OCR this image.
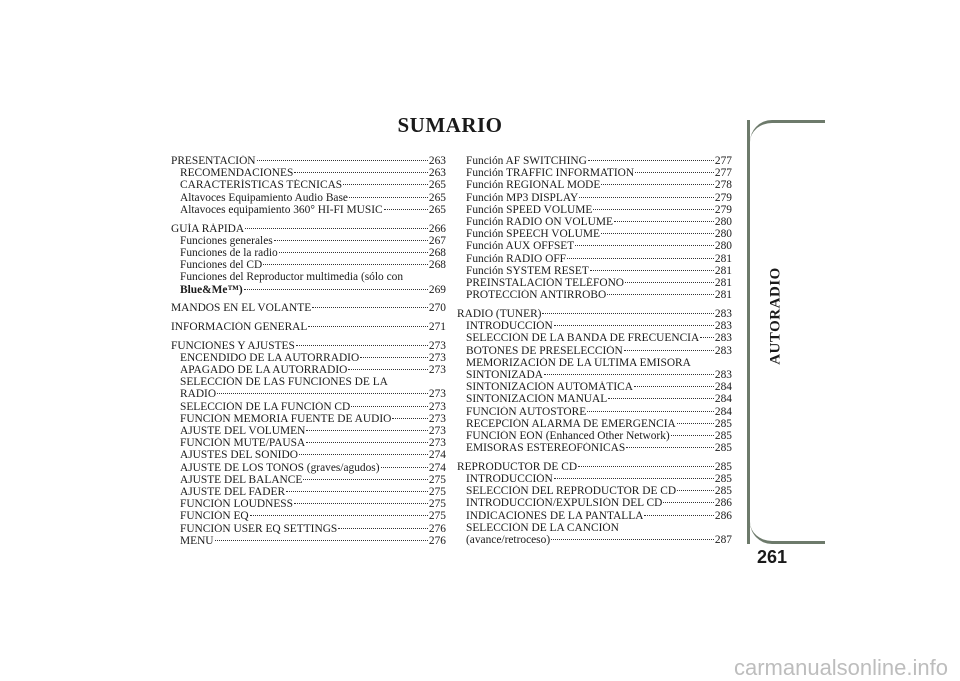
SUMARIO
PRESENTACIÓN	263
RECOMENDACIONES	263
CARACTERÍSTICAS TÉCNICAS	265
Altavoces Equipamiento Audio Base	265
Altavoces equipamiento 360° HI-FI MUSIC	265
GUÍA RÁPIDA	266
Funciones generales	267
Funciones de la radio	268
Funciones del CD	268
Funciones del Reproductor multimedia (sólo con
Blue&Me™)	269
MANDOS EN EL VOLANTE	270
INFORMACIÓN GENERAL	271
FUNCIONES Y AJUSTES	273
ENCENDIDO DE LA AUTORRADIO	273
APAGADO DE LA AUTORRADIO	273
SELECCIÓN DE LAS FUNCIONES DE LA
RADIO	273
SELECCIÓN DE LA FUNCIÓN CD	273
FUNCIÓN MEMORIA FUENTE DE AUDIO	273
AJUSTE DEL VOLUMEN	273
FUNCIÓN MUTE/PAUSA	273
AJUSTES DEL SONIDO	274
AJUSTE DE LOS TONOS (graves/agudos)	274
AJUSTE DEL BALANCE	275
AJUSTE DEL FADER	275
FUNCIÓN LOUDNESS	275
FUNCIÓN EQ	275
FUNCIÓN USER EQ SETTINGS	276
MENU	276
Función AF SWITCHING	277
Función TRAFFIC INFORMATION	277
Función REGIONAL MODE	278
Función MP3 DISPLAY	279
Función SPEED VOLUME	279
Función RADIO ON VOLUME	280
Función SPEECH VOLUME	280
Función AUX OFFSET	280
Función RADIO OFF	281
Función SYSTEM RESET	281
PREINSTALACIÓN TELÉFONO	281
PROTECCIÓN ANTIRROBO	281
RADIO (TUNER)	283
INTRODUCCIÓN	283
SELECCIÓN DE LA BANDA DE FRECUENCIA 283
BOTONES DE PRESELECCIÓN	283
MEMORIZACIÓN DE LA ÚLTIMA EMISORA
SINTONIZADA	283
SINTONIZACIÓN AUTOMÁTICA	284
SINTONIZACIÓN MANUAL	284
FUNCIÓN AUTOSTORE	284
RECEPCIÓN ALARMA DE EMERGENCIA	285
FUNCIÓN EON (Enhanced Other Network)	285
EMISORAS ESTEREOFÓNICAS	285
REPRODUCTOR DE CD	285
INTRODUCCIÓN	285
SELECCIÓN DEL REPRODUCTOR DE CD	285
INTRODUCCIÓN/EXPULSIÓN DEL CD	286
INDICACIONES DE LA PANTALLA	286
SELECCIÓN DE LA CANCIÓN
(avance/retroceso)	287
AUTORADIO
261
carmanualsonline.info
